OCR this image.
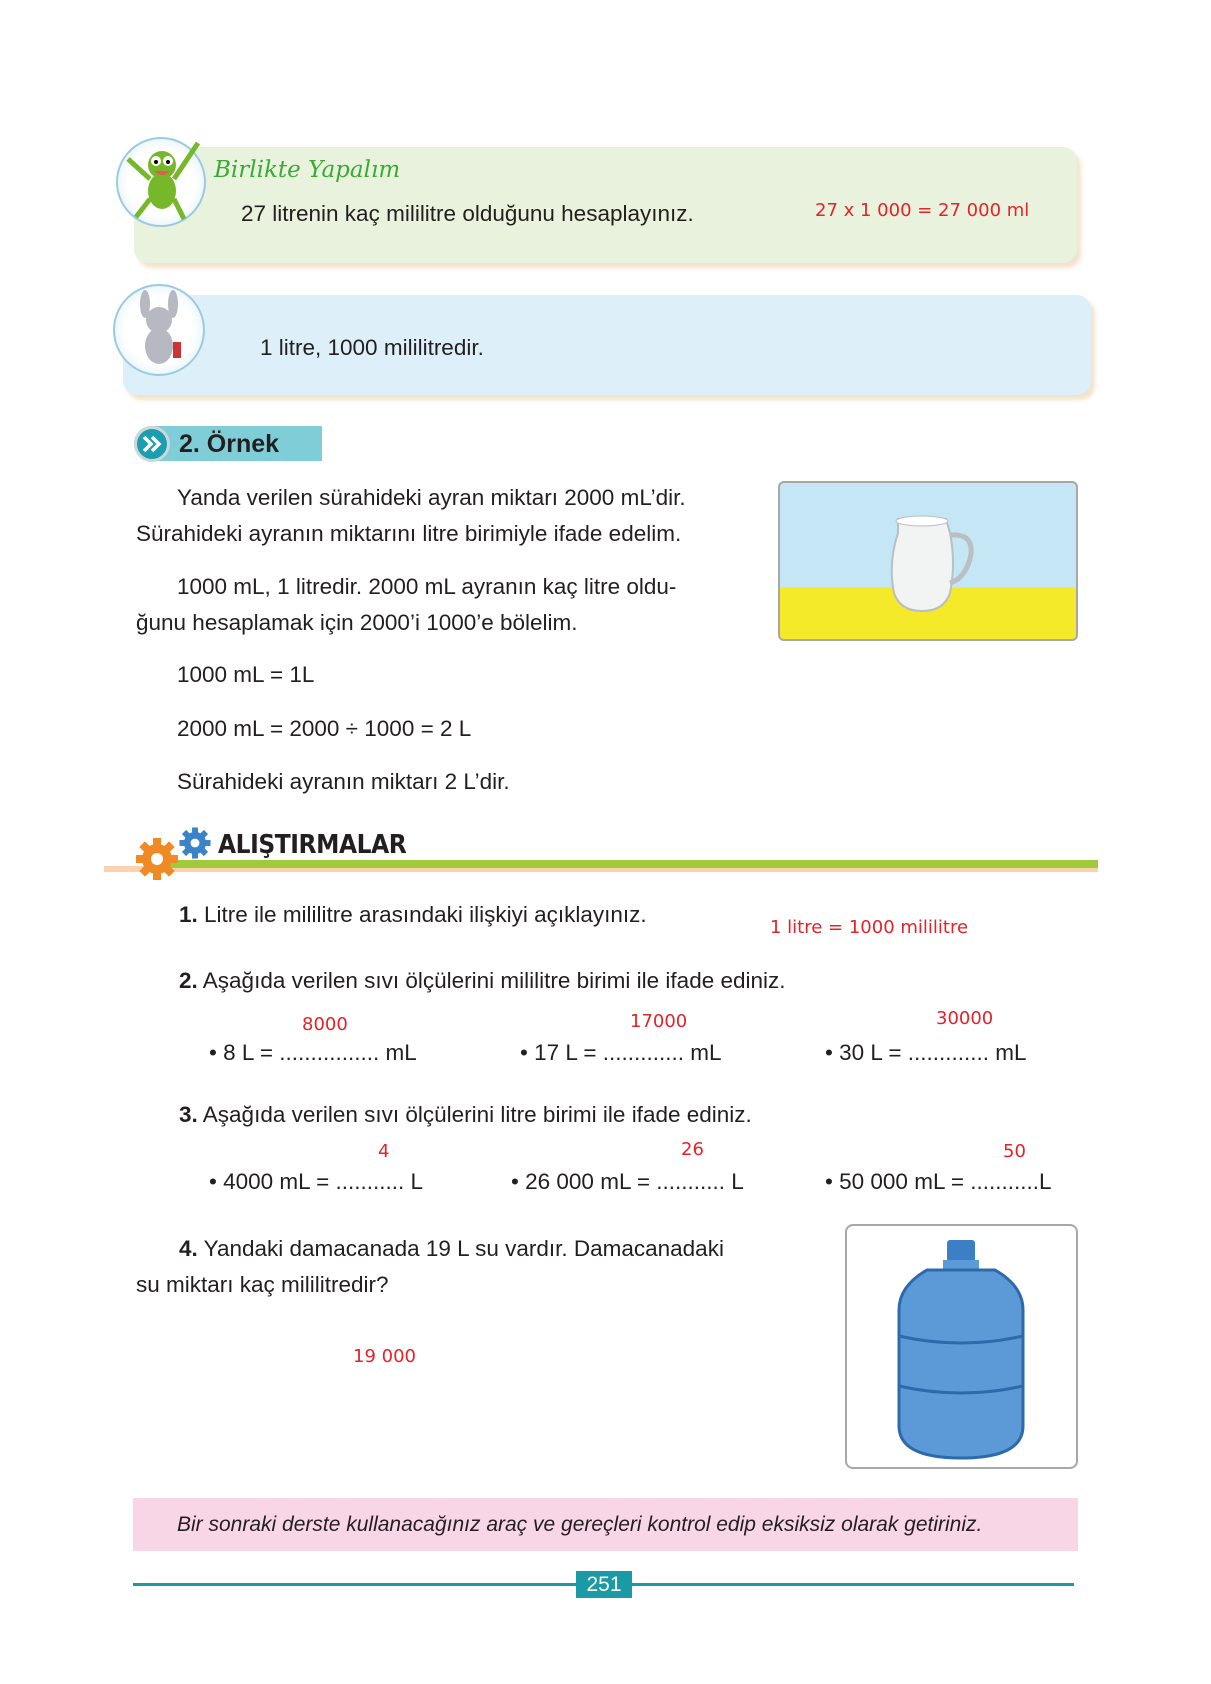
Birlikte Yapalım
27 litrenin kaç mililitre olduğunu hesaplayınız.	27 x 1 000 = 27 000 ml
1 litre, 1000 mililitredir.
2. Örnek
Yanda verilen sürahideki ayran miktarı 2000 mL’dir.
Sürahideki ayranın miktarını litre birimiyle ifade edelim.
1000 mL, 1 litredir. 2000 mL ayranın kaç litre oldu-
ğunu hesaplamak için 2000’i 1000’e bölelim.
1000 mL = 1L
2000 mL = 2000 ÷ 1000 = 2 L
Sürahideki ayranın miktarı 2 L’dir.
ALIŞTIRMALAR
1. Litre ile mililitre arasındaki ilişkiyi açıklayınız.
1 litre = 1000 mililitre
2. Aşağıda verilen sıvı ölçülerini mililitre birimi ile ifade ediniz.
• 8 L = ................ mL	• 17 L = ............. mL	• 30 L = ............. mL
8000	17000	30000
3. Aşağıda verilen sıvı ölçülerini litre birimi ile ifade ediniz.
• 4000 mL = ........... L	• 26 000 mL = ........... L	• 50 000 mL = ...........L
4	26	50
4. Yandaki damacanada 19 L su vardır. Damacanadaki
su miktarı kaç mililitredir?
19 000
Bir sonraki derste kullanacağınız araç ve gereçleri kontrol edip eksiksiz olarak getiriniz.
251
